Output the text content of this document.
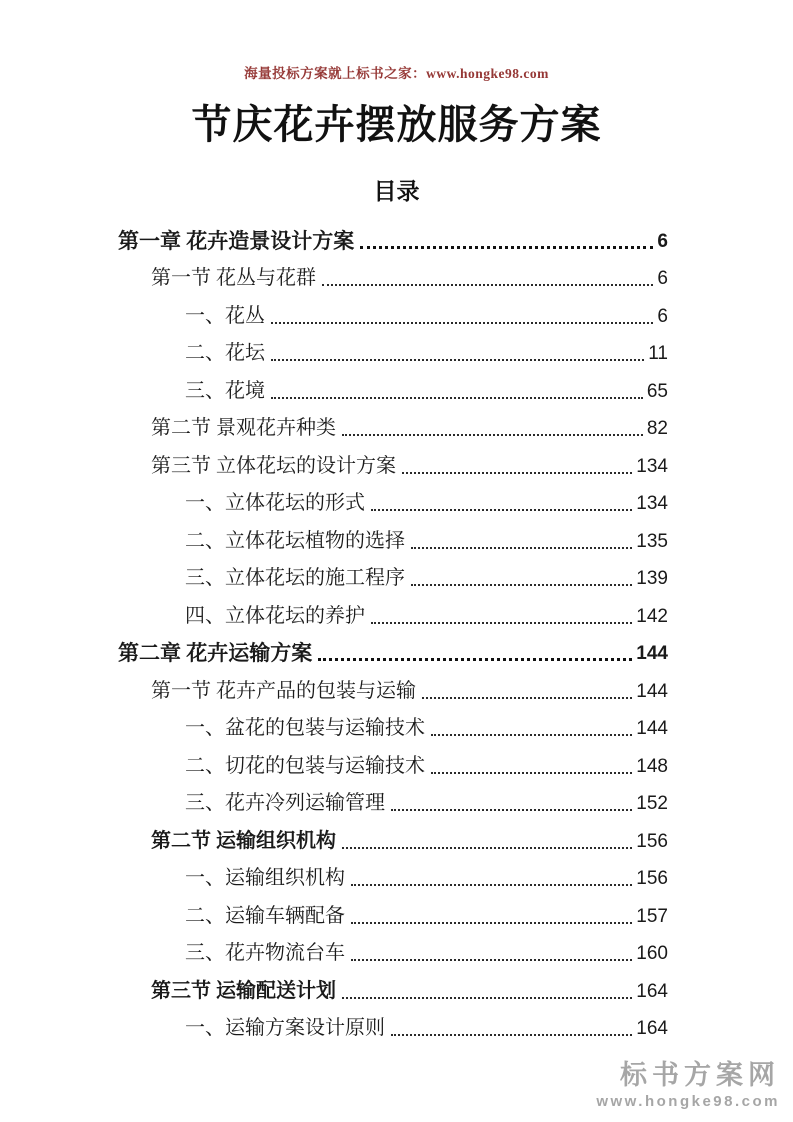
海量投标方案就上标书之家：www.hongke98.com
节庆花卉摆放服务方案
目录
第一章 花卉造景设计方案	6
第一节 花丛与花群	6
一、花丛	6
二、花坛	11
三、花境	65
第二节 景观花卉种类	82
第三节 立体花坛的设计方案	134
一、立体花坛的形式	134
二、立体花坛植物的选择	135
三、立体花坛的施工程序	139
四、立体花坛的养护	142
第二章 花卉运输方案	144
第一节 花卉产品的包装与运输	144
一、盆花的包装与运输技术	144
二、切花的包装与运输技术	148
三、花卉冷列运输管理	152
第二节 运输组织机构	156
一、运输组织机构	156
二、运输车辆配备	157
三、花卉物流台车	160
第三节 运输配送计划	164
一、运输方案设计原则	164
标书方案网
www.hongke98.com
